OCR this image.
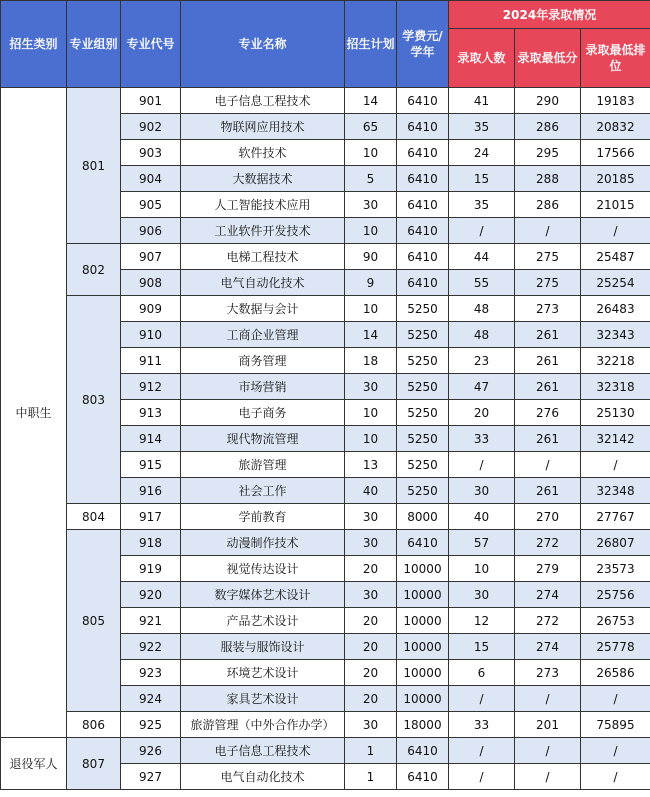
招生类别	专业组别	专业代号	专业名称	招生计划	学费元/学年	2024年录取情况		
						录取人数	录取最低分	录取最低排位
中职生	801	901	电子信息工程技术	14	6410	41	290	19183
		902	物联网应用技术	65	6410	35	286	20832
		903	软件技术	10	6410	24	295	17566
		904	大数据技术	5	6410	15	288	20185
		905	人工智能技术应用	30	6410	35	286	21015
		906	工业软件开发技术	10	6410	/	/	/
	802	907	电梯工程技术	90	6410	44	275	25487
		908	电气自动化技术	9	6410	55	275	25254
	803	909	大数据与会计	10	5250	48	273	26483
		910	工商企业管理	14	5250	48	261	32343
		911	商务管理	18	5250	23	261	32218
		912	市场营销	30	5250	47	261	32318
		913	电子商务	10	5250	20	276	25130
		914	现代物流管理	10	5250	33	261	32142
		915	旅游管理	13	5250	/	/	/
		916	社会工作	40	5250	30	261	32348
	804	917	学前教育	30	8000	40	270	27767
	805	918	动漫制作技术	30	6410	57	272	26807
		919	视觉传达设计	20	10000	10	279	23573
		920	数字媒体艺术设计	30	10000	30	274	25756
		921	产品艺术设计	20	10000	12	272	26753
		922	服装与服饰设计	20	10000	15	274	25778
		923	环境艺术设计	20	10000	6	273	26586
		924	家具艺术设计	20	10000	/	/	/
	806	925	旅游管理（中外合作办学）	30	18000	33	201	75895
退役军人	807	926	电子信息工程技术	1	6410	/	/	/
		927	电气自动化技术	1	6410	/	/	/
